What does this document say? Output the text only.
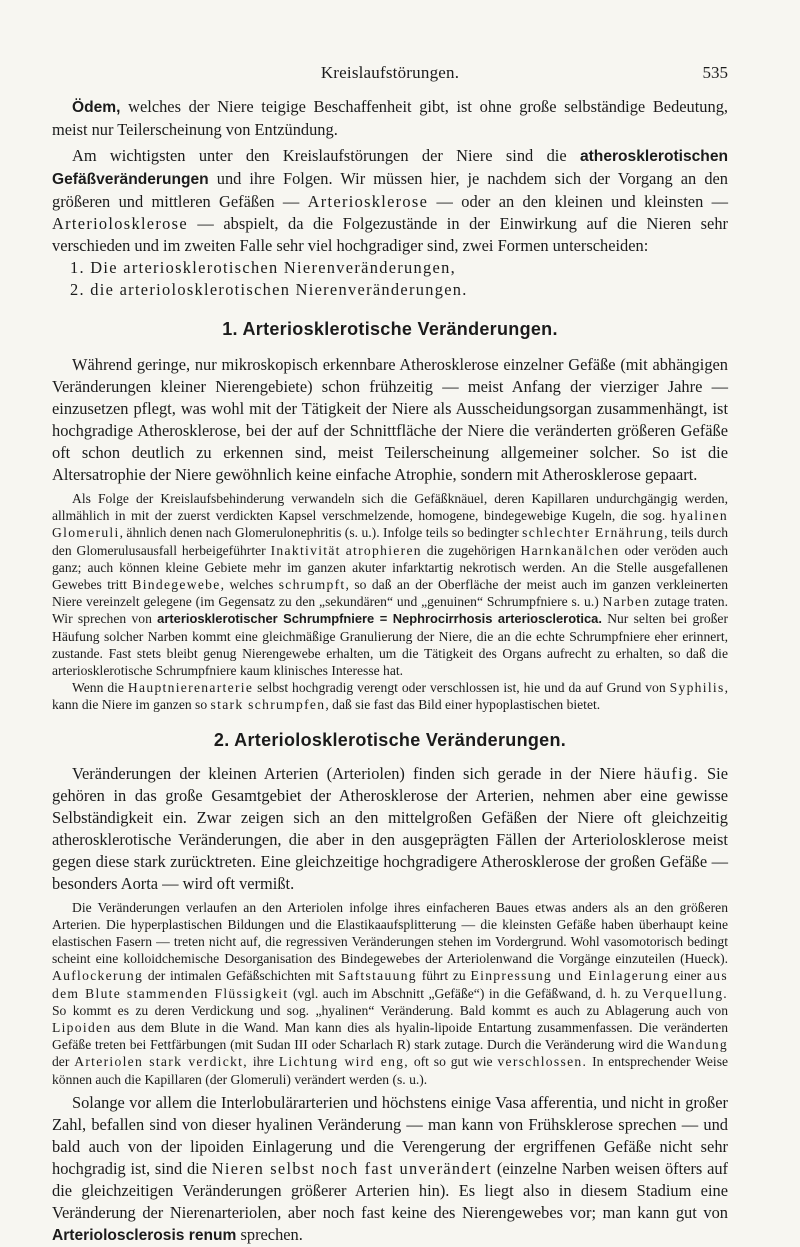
Kreislaufstörungen.	535

Ödem, welches der Niere teigige Beschaffenheit gibt, ist ohne große selbständige Bedeutung, meist nur Teilerscheinung von Entzündung.

Am wichtigsten unter den Kreislaufstörungen der Niere sind die atherosklerotischen Gefäßveränderungen und ihre Folgen. Wir müssen hier, je nachdem sich der Vorgang an den größeren und mittleren Gefäßen — Arteriosklerose — oder an den kleinen und kleinsten — Arteriolosklerose — abspielt, da die Folgezustände in der Einwirkung auf die Nieren sehr verschieden und im zweiten Falle sehr viel hochgradiger sind, zwei Formen unterscheiden:

1. Die arteriosklerotischen Nierenveränderungen,
2. die arteriolosklerotischen Nierenveränderungen.
1. Arteriosklerotische Veränderungen.

Während geringe, nur mikroskopisch erkennbare Atherosklerose einzelner Gefäße (mit abhängigen Veränderungen kleiner Nierengebiete) schon frühzeitig — meist Anfang der vierziger Jahre — einzusetzen pflegt, was wohl mit der Tätigkeit der Niere als Ausscheidungsorgan zusammenhängt, ist hochgradige Atherosklerose, bei der auf der Schnittfläche der Niere die veränderten größeren Gefäße oft schon deutlich zu erkennen sind, meist Teilerscheinung allgemeiner solcher. So ist die Altersatrophie der Niere gewöhnlich keine einfache Atrophie, sondern mit Atherosklerose gepaart.

Als Folge der Kreislaufsbehinderung verwandeln sich die Gefäßknäuel, deren Kapillaren undurchgängig werden, allmählich in mit der zuerst verdickten Kapsel verschmelzende, homogene, bindegewebige Kugeln, die sog. hyalinen Glomeruli, ähnlich denen nach Glomerulonephritis (s. u.). Infolge teils so bedingter schlechter Ernährung, teils durch den Glomerulusausfall herbeigeführter Inaktivität atrophieren die zugehörigen Harnkanälchen oder veröden auch ganz; auch können kleine Gebiete mehr im ganzen akuter infarktartig nekrotisch werden. An die Stelle ausgefallenen Gewebes tritt Bindegewebe, welches schrumpft, so daß an der Oberfläche der meist auch im ganzen verkleinerten Niere vereinzelt gelegene (im Gegensatz zu den „sekundären“ und „genuinen“ Schrumpfniere s. u.) Narben zutage traten. Wir sprechen von arteriosklerotischer Schrumpfniere = Nephrocirrhosis arteriosclerotica. Nur selten bei großer Häufung solcher Narben kommt eine gleichmäßige Granulierung der Niere, die an die echte Schrumpfniere eher erinnert, zustande. Fast stets bleibt genug Nierengewebe erhalten, um die Tätigkeit des Organs aufrecht zu erhalten, so daß die arteriosklerotische Schrumpfniere kaum klinisches Interesse hat.

Wenn die Hauptnierenarterie selbst hochgradig verengt oder verschlossen ist, hie und da auf Grund von Syphilis, kann die Niere im ganzen so stark schrumpfen, daß sie fast das Bild einer hypoplastischen bietet.

2. Arteriolosklerotische Veränderungen.

Veränderungen der kleinen Arterien (Arteriolen) finden sich gerade in der Niere häufig. Sie gehören in das große Gesamtgebiet der Atherosklerose der Arterien, nehmen aber eine gewisse Selbständigkeit ein. Zwar zeigen sich an den mittelgroßen Gefäßen der Niere oft gleichzeitig atherosklerotische Veränderungen, die aber in den ausgeprägten Fällen der Arteriolosklerose meist gegen diese stark zurücktreten. Eine gleichzeitige hochgradigere Atherosklerose der großen Gefäße — besonders Aorta — wird oft vermißt.

Die Veränderungen verlaufen an den Arteriolen infolge ihres einfacheren Baues etwas anders als an den größeren Arterien. Die hyperplastischen Bildungen und die Elastikaaufsplitterung — die kleinsten Gefäße haben überhaupt keine elastischen Fasern — treten nicht auf, die regressiven Veränderungen stehen im Vordergrund. Wohl vasomotorisch bedingt scheint eine kolloidchemische Desorganisation des Bindegewebes der Arteriolenwand die Vorgänge einzuteilen (Hueck). Auflockerung der intimalen Gefäßschichten mit Saftstauung führt zu Einpressung und Einlagerung einer aus dem Blute stammenden Flüssigkeit (vgl. auch im Abschnitt „Gefäße“) in die Gefäßwand, d. h. zu Verquellung. So kommt es zu deren Verdickung und sog. „hyalinen“ Veränderung. Bald kommt es auch zu Ablagerung auch von Lipoiden aus dem Blute in die Wand. Man kann dies als hyalin-lipoide Entartung zusammenfassen. Die veränderten Gefäße treten bei Fettfärbungen (mit Sudan III oder Scharlach R) stark zutage. Durch die Veränderung wird die Wandung der Arteriolen stark verdickt, ihre Lichtung wird eng, oft so gut wie verschlossen. In entsprechender Weise können auch die Kapillaren (der Glomeruli) verändert werden (s. u.).

Solange vor allem die Interlobulärarterien und höchstens einige Vasa afferentia, und nicht in großer Zahl, befallen sind von dieser hyalinen Veränderung — man kann von Frühsklerose sprechen — und bald auch von der lipoiden Einlagerung und die Verengerung der ergriffenen Gefäße nicht sehr hochgradig ist, sind die Nieren selbst noch fast unverändert (einzelne Narben weisen öfters auf die gleichzeitigen Veränderungen größerer Arterien hin). Es liegt also in diesem Stadium eine Veränderung der Nierenarteriolen, aber noch fast keine des Nierengewebes vor; man kann gut von Arteriolosclerosis renum sprechen.
